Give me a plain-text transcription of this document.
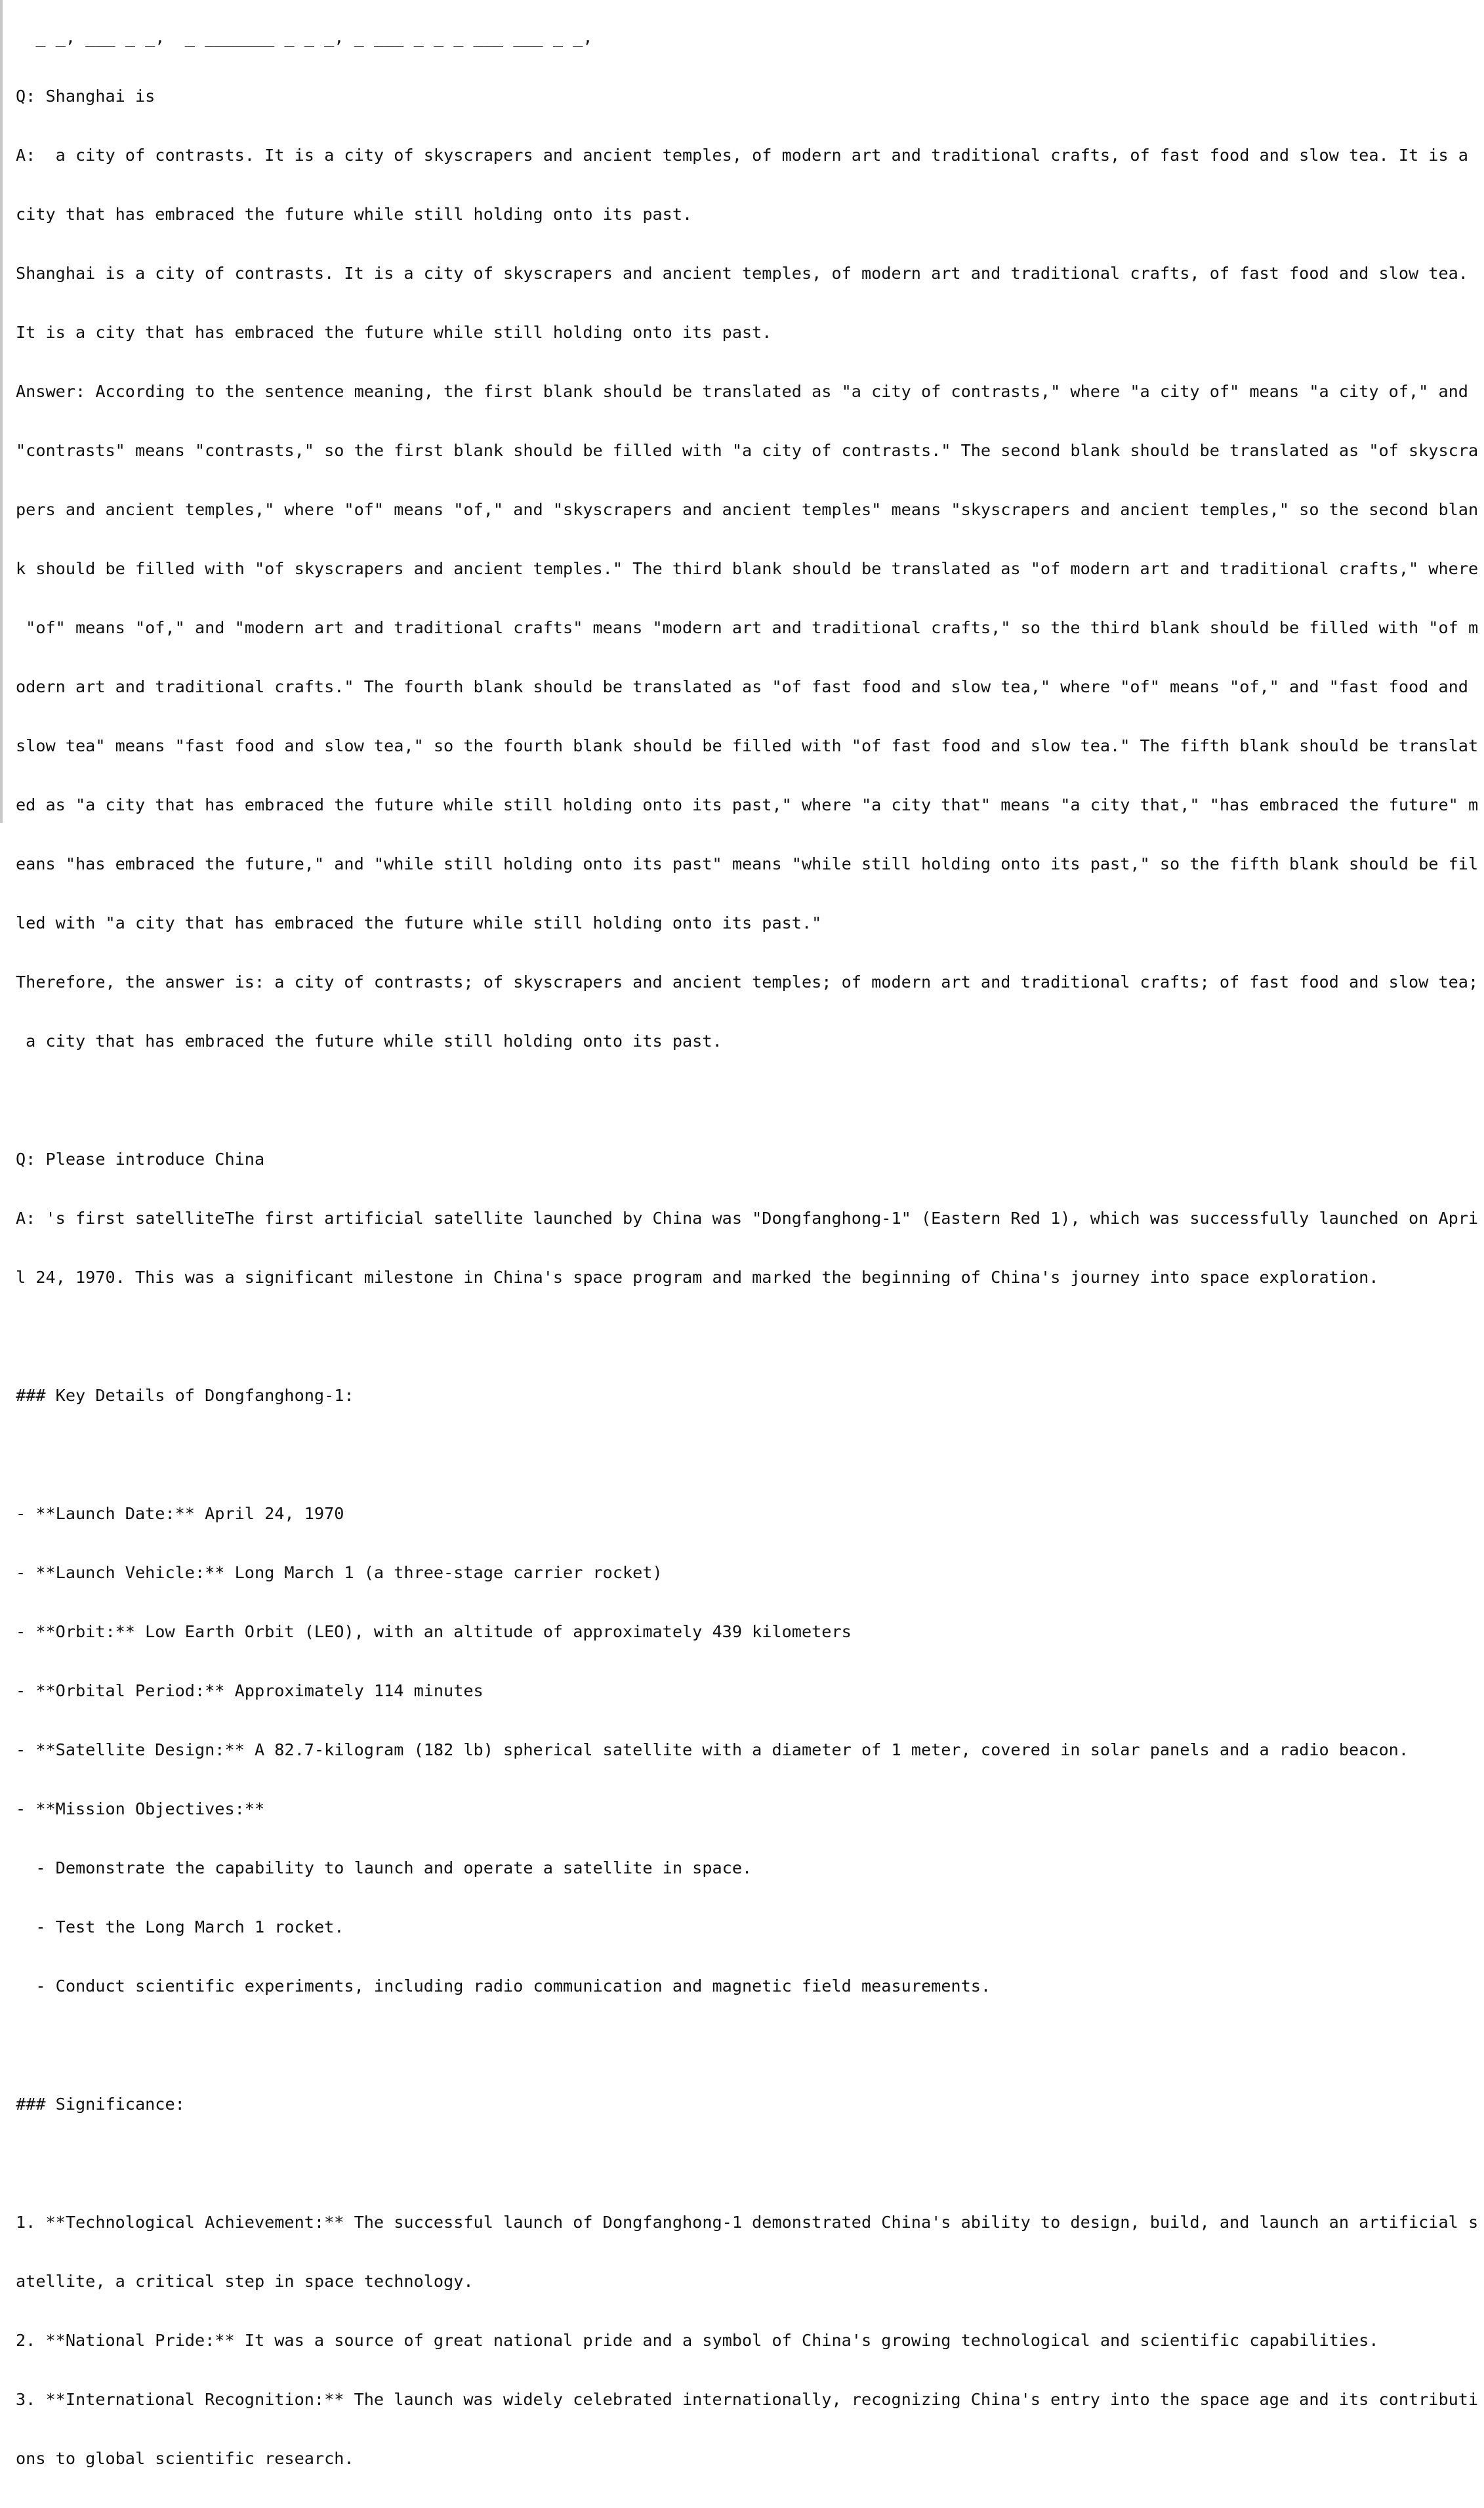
_ _, ___ _ _,  _ _______ _ _ _, _ ___ _ _ _ ___ ___ _ _,

Q: Shanghai is

A:  a city of contrasts. It is a city of skyscrapers and ancient temples, of modern art and traditional crafts, of fast food and slow tea. It is a

city that has embraced the future while still holding onto its past.

Shanghai is a city of contrasts. It is a city of skyscrapers and ancient temples, of modern art and traditional crafts, of fast food and slow tea.

It is a city that has embraced the future while still holding onto its past.

Answer: According to the sentence meaning, the first blank should be translated as "a city of contrasts," where "a city of" means "a city of," and

"contrasts" means "contrasts," so the first blank should be filled with "a city of contrasts." The second blank should be translated as "of skyscra

pers and ancient temples," where "of" means "of," and "skyscrapers and ancient temples" means "skyscrapers and ancient temples," so the second blan

k should be filled with "of skyscrapers and ancient temples." The third blank should be translated as "of modern art and traditional crafts," where

"of" means "of," and "modern art and traditional crafts" means "modern art and traditional crafts," so the third blank should be filled with "of m

odern art and traditional crafts." The fourth blank should be translated as "of fast food and slow tea," where "of" means "of," and "fast food and

slow tea" means "fast food and slow tea," so the fourth blank should be filled with "of fast food and slow tea." The fifth blank should be translat

ed as "a city that has embraced the future while still holding onto its past," where "a city that" means "a city that," "has embraced the future" m

eans "has embraced the future," and "while still holding onto its past" means "while still holding onto its past," so the fifth blank should be fil

led with "a city that has embraced the future while still holding onto its past."

Therefore, the answer is: a city of contrasts; of skyscrapers and ancient temples; of modern art and traditional crafts; of fast food and slow tea;

a city that has embraced the future while still holding onto its past.

Q: Please introduce China

A: 's first satelliteThe first artificial satellite launched by China was "Dongfanghong-1" (Eastern Red 1), which was successfully launched on Apri

l 24, 1970. This was a significant milestone in China's space program and marked the beginning of China's journey into space exploration.

### Key Details of Dongfanghong-1:

- **Launch Date:** April 24, 1970

- **Launch Vehicle:** Long March 1 (a three-stage carrier rocket)

- **Orbit:** Low Earth Orbit (LEO), with an altitude of approximately 439 kilometers

- **Orbital Period:** Approximately 114 minutes

- **Satellite Design:** A 82.7-kilogram (182 lb) spherical satellite with a diameter of 1 meter, covered in solar panels and a radio beacon.

- **Mission Objectives:**

- Demonstrate the capability to launch and operate a satellite in space.

- Test the Long March 1 rocket.

- Conduct scientific experiments, including radio communication and magnetic field measurements.

### Significance:

1. **Technological Achievement:** The successful launch of Dongfanghong-1 demonstrated China's ability to design, build, and launch an artificial s

atellite, a critical step in space technology.

2. **National Pride:** It was a source of great national pride and a symbol of China's growing technological and scientific capabilities.

3. **International Recognition:** The launch was widely celebrated internationally, recognizing China's entry into the space age and its contributi

ons to global scientific research.
